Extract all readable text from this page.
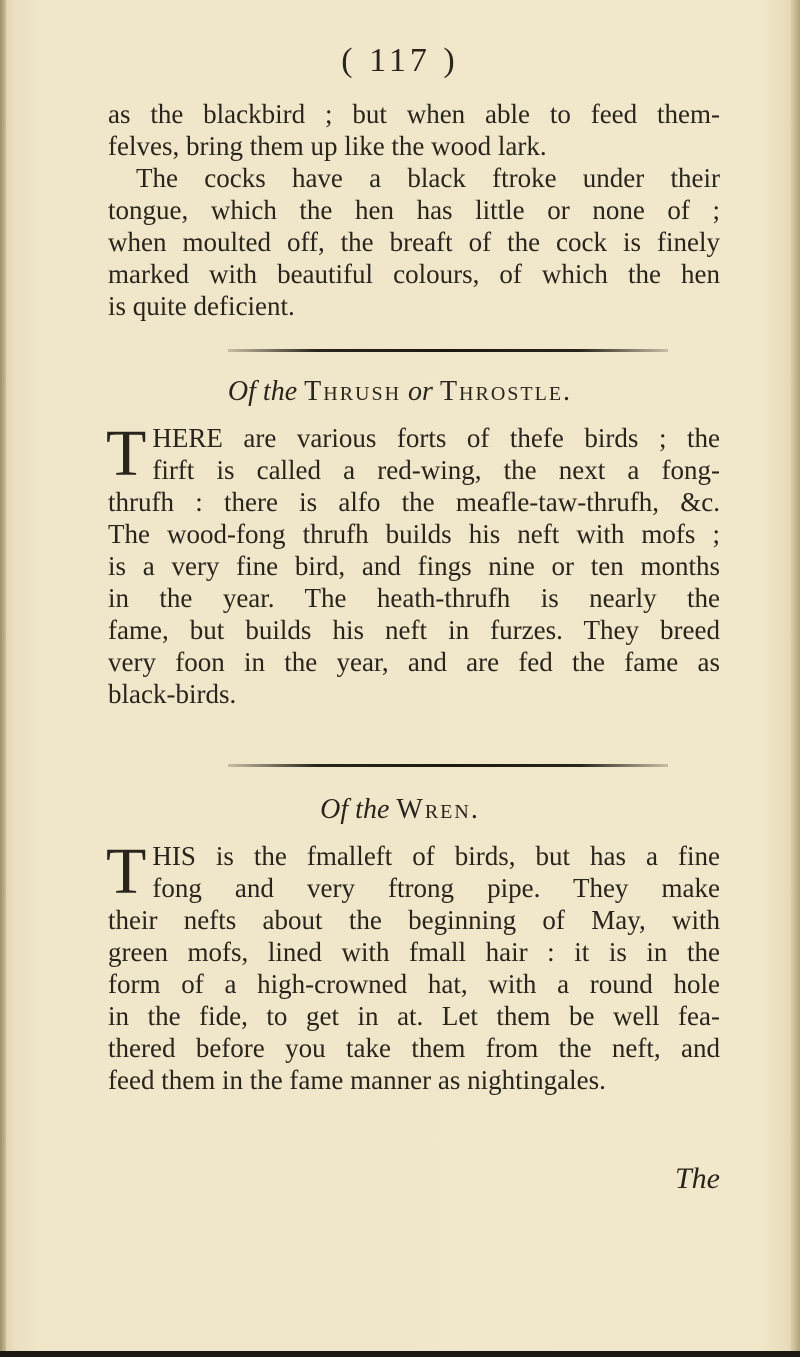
( 117 )
as the blackbird ; but when able to feed them-
felves, bring them up like the wood lark.
The cocks have a black ftroke under their
tongue, which the hen has little or none of ;
when moulted off, the breaft of the cock is finely
marked with beautiful colours, of which the hen
is quite deficient.
Of the Thrush or Throstle.
T HERE are various forts of thefe birds ; the
firft is called a red-wing, the next a fong-
thrufh : there is alfo the meafle-taw-thrufh, &c.
The wood-fong thrufh builds his neft with mofs ;
is a very fine bird, and fings nine or ten months
in the year. The heath-thrufh is nearly the
fame, but builds his neft in furzes. They breed
very foon in the year, and are fed the fame as
black-birds.
Of the Wren.
T HIS is the fmalleft of birds, but has a fine
fong and very ftrong pipe. They make
their nefts about the beginning of May, with
green mofs, lined with fmall hair : it is in the
form of a high-crowned hat, with a round hole
in the fide, to get in at. Let them be well fea-
thered before you take them from the neft, and
feed them in the fame manner as nightingales.
The
